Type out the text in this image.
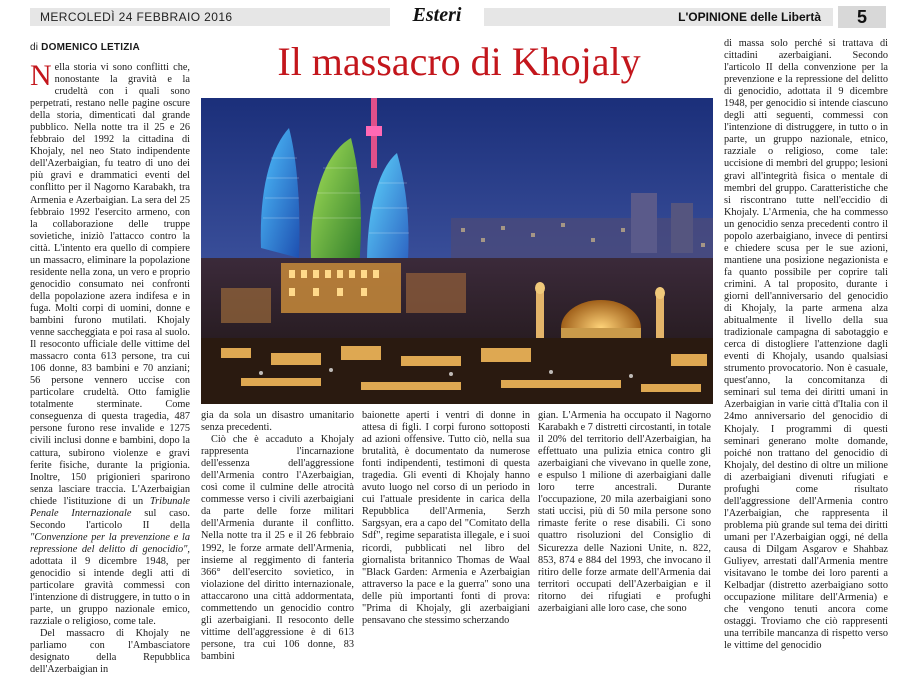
MERCOLEDÌ 24 FEBBRAIO 2016	Esteri	L'OPINIONE delle Libertà	5
di DOMENICO LETIZIA	Il massacro di Khojaly

Nella storia vi sono conflitti che, nonostante la gravità e la crudeltà con i quali sono perpetrati, restano nelle pagine oscure della storia, dimenticati dal grande pubblico. Nella notte tra il 25 e 26 febbraio del 1992 la cittadina di Khojaly, nel neo Stato indipendente dell'Azerbaigian, fu teatro di uno dei più gravi e drammatici eventi del conflitto per il Nagorno Karabakh, tra Armenia e Azerbaigian. La sera del 25 febbraio 1992 l'esercito armeno, con la collaborazione delle truppe sovietiche, iniziò l'attacco contro la città. L'intento era quello di compiere un massacro, eliminare la popolazione residente nella zona, un vero e proprio genocidio consumato nei confronti della popolazione azera indifesa e in fuga. Molti corpi di uomini, donne e bambini furono mutilati. Khojaly venne saccheggiata e poi rasa al suolo. Il resoconto ufficiale delle vittime del massacro conta 613 persone, tra cui 106 donne, 83 bambini e 70 anziani; 56 persone vennero uccise con particolare crudeltà. Otto famiglie totalmente sterminate. Come conseguenza di questa tragedia, 487 persone furono rese invalide e 1275 civili inclusi donne e bambini, dopo la cattura, subirono violenze e gravi ferite fisiche, durante la prigionia. Inoltre, 150 prigionieri sparirono senza lasciare traccia. L'Azerbaigian chiede l'istituzione di un Tribunale Penale Internazionale sul caso. Secondo l'articolo II della "Convenzione per la prevenzione e la repressione del delitto di genocidio", adottata il 9 dicembre 1948, per genocidio si intende degli atti di particolare gravità commessi con l'intenzione di distruggere, in tutto o in parte, un gruppo nazionale emico, razziale o religioso, come tale.

Del massacro di Khojaly ne parliamo con l'Ambasciatore designato della Repubblica dell'Azerbaigian in

gia da sola un disastro umanitario senza precedenti.

Ciò che è accaduto a Khojaly rappresenta l'incarnazione dell'essenza dell'aggressione dell'Armenia contro l'Azerbaigian, così come il culmine delle atrocità commesse verso i civili azerbaigiani da parte delle forze militari dell'Armenia durante il conflitto. Nella notte tra il 25 e il 26 febbraio 1992, le forze armate dell'Armenia, insieme al reggimento di fanteria 366° dell'esercito sovietico, in violazione del diritto internazionale, attaccarono una città addormentata, commettendo un genocidio contro gli azerbaigiani. Il resoconto delle vittime dell'aggressione è di 613 persone, tra cui 106 donne, 83 bambini

baionette aperti i ventri di donne in attesa di figli. I corpi furono sottoposti ad azioni offensive. Tutto ciò, nella sua brutalità, è documentato da numerose fonti indipendenti, testimoni di questa tragedia. Gli eventi di Khojaly hanno avuto luogo nel corso di un periodo in cui l'attuale presidente in carica della Repubblica dell'Armenia, Serzh Sargsyan, era a capo del "Comitato della Sdf", regime separatista illegale, e i suoi ricordi, pubblicati nel libro del giornalista britannico Thomas de Waal "Black Garden: Armenia e Azerbaigian attraverso la pace e la guerra" sono una delle più importanti fonti di prova: "Prima di Khojaly, gli azerbaigiani pensavano che stessimo scherzando

gian. L'Armenia ha occupato il Nagorno Karabakh e 7 distretti circostanti, in totale il 20% del territorio dell'Azerbaigian, ha effettuato una pulizia etnica contro gli azerbaigiani che vivevano in quelle zone, e espulso 1 milione di azerbaigiani dalle loro terre ancestrali. Durante l'occupazione, 20 mila azerbaigiani sono stati uccisi, più di 50 mila persone sono rimaste ferite o rese disabili. Ci sono quattro risoluzioni del Consiglio di Sicurezza delle Nazioni Unite, n. 822, 853, 874 e 884 del 1993, che invocano il ritiro delle forze armate dell'Armenia dai territori occupati dell'Azerbaigian e il ritorno dei rifugiati e profughi azerbaigiani alle loro case, che sono

di massa solo perché si trattava di cittadini azerbaigiani. Secondo l'articolo II della convenzione per la prevenzione e la repressione del delitto di genocidio, adottata il 9 dicembre 1948, per genocidio si intende ciascuno degli atti seguenti, commessi con l'intenzione di distruggere, in tutto o in parte, un gruppo nazionale, etnico, razziale o religioso, come tale: uccisione di membri del gruppo; lesioni gravi all'integrità fisica o mentale di membri del gruppo. Caratteristiche che si riscontrano tutte nell'eccidio di Khojaly. L'Armenia, che ha commesso un genocidio senza precedenti contro il popolo azerbaigiano, invece di pentirsi e chiedere scusa per le sue azioni, mantiene una posizione negazionista e fa quanto possibile per coprire tali crimini. A tal proposito, durante i giorni dell'anniversario del genocidio di Khojaly, la parte armena alza abitualmente il livello della sua tradizionale campagna di sabotaggio e cerca di distogliere l'attenzione dagli eventi di Khojaly, usando qualsiasi strumento provocatorio. Non è casuale, quest'anno, la concomitanza di seminari sul tema dei diritti umani in Azerbaigian in varie città d'Italia con il 24mo anniversario del genocidio di Khojaly. I programmi di questi seminari generano molte domande, poiché non trattano del genocidio di Khojaly, del destino di oltre un milione di azerbaigiani divenuti rifugiati e profughi come risultato dell'aggressione dell'Armenia contro l'Azerbaigian, che rappresenta il problema più grande sul tema dei diritti umani per l'Azerbaigian oggi, né della causa di Dilgam Asgarov e Shahbaz Guliyev, arrestati dall'Armenia mentre visitavano le tombe dei loro parenti a Kelbadjar (distretto azerbaigiano sotto occupazione militare dell'Armenia) e che vengono tenuti ancora come ostaggi. Troviamo che ciò rappresenti una terribile mancanza di rispetto verso le vittime del genocidio
